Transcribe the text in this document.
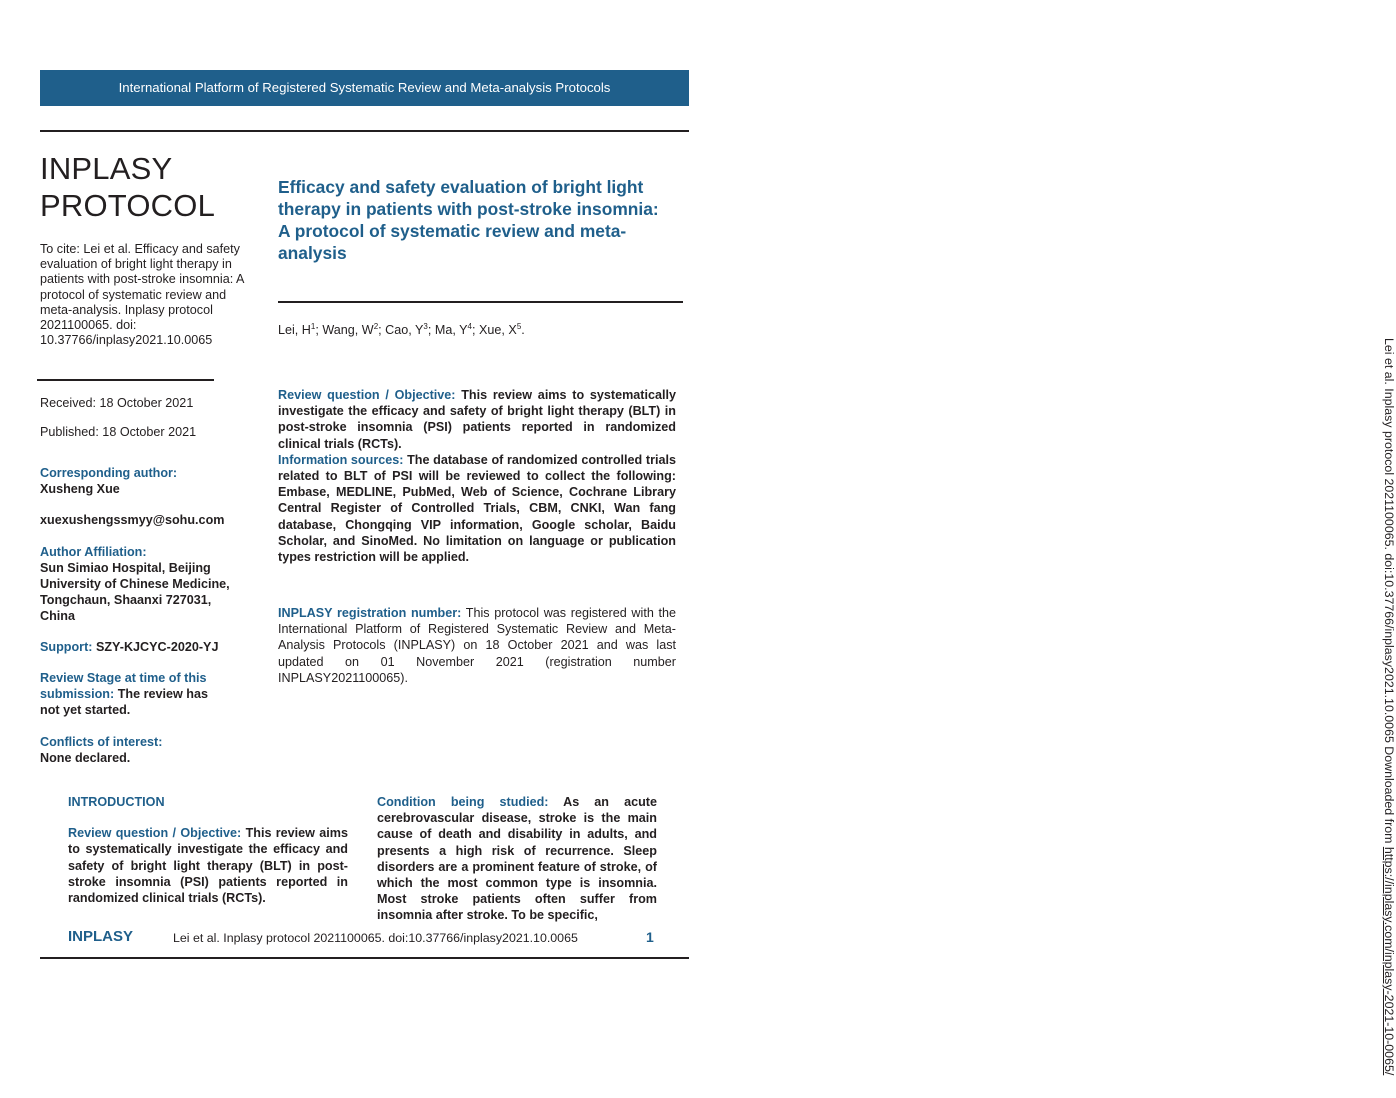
International Platform of Registered Systematic Review and Meta-analysis Protocols
INPLASY
PROTOCOL
To cite: Lei et al. Efficacy and safety evaluation of bright light therapy in patients with post-stroke insomnia: A protocol of systematic review and meta-analysis. Inplasy protocol 2021100065. doi: 10.37766/inplasy2021.10.0065
Received: 18 October 2021
Published: 18 October 2021
Corresponding author:
Xusheng Xue
xuexushengssmyy@sohu.com
Author Affiliation:
Sun Simiao Hospital, Beijing University of Chinese Medicine, Tongchaun, Shaanxi 727031, China
Support: SZY-KJCYC-2020-YJ
Review Stage at time of this submission: The review has not yet started.
Conflicts of interest:
None declared.
Efficacy and safety evaluation of bright light therapy in patients with post-stroke insomnia: A protocol of systematic review and meta-analysis
Lei, $H^1$; Wang, $W^2$; Cao, $Y^3$; Ma, $Y^4$; Xue, $X^5$.
Review question / Objective: This review aims to systematically investigate the efficacy and safety of bright light therapy (BLT) in post-stroke insomnia (PSI) patients reported in randomized clinical trials (RCTs).
Information sources: The database of randomized controlled trials related to BLT of PSI will be reviewed to collect the following: Embase, MEDLINE, PubMed, Web of Science, Cochrane Library Central Register of Controlled Trials, CBM, CNKI, Wan fang database, Chongqing VIP information, Google scholar, Baidu Scholar, and SinoMed. No limitation on language or publication types restriction will be applied.
INPLASY registration number: This protocol was registered with the International Platform of Registered Systematic Review and Meta-Analysis Protocols (INPLASY) on 18 October 2021 and was last updated on 01 November 2021 (registration number INPLASY2021100065).
INTRODUCTION
Review question / Objective: This review aims to systematically investigate the efficacy and safety of bright light therapy (BLT) in post-stroke insomnia (PSI) patients reported in randomized clinical trials (RCTs).
Condition being studied: As an acute cerebrovascular disease, stroke is the main cause of death and disability in adults, and presents a high risk of recurrence. Sleep disorders are a prominent feature of stroke, of which the most common type is insomnia. Most stroke patients often suffer from insomnia after stroke. To be specific,
Lei et al. Inplasy protocol 2021100065. doi:10.37766/inplasy2021.10.0065 Downloaded from https://inplasy.com/inplasy-2021-10-0065/
INPLASY	Lei et al. Inplasy protocol 2021100065. doi:10.37766/inplasy2021.10.0065	1
